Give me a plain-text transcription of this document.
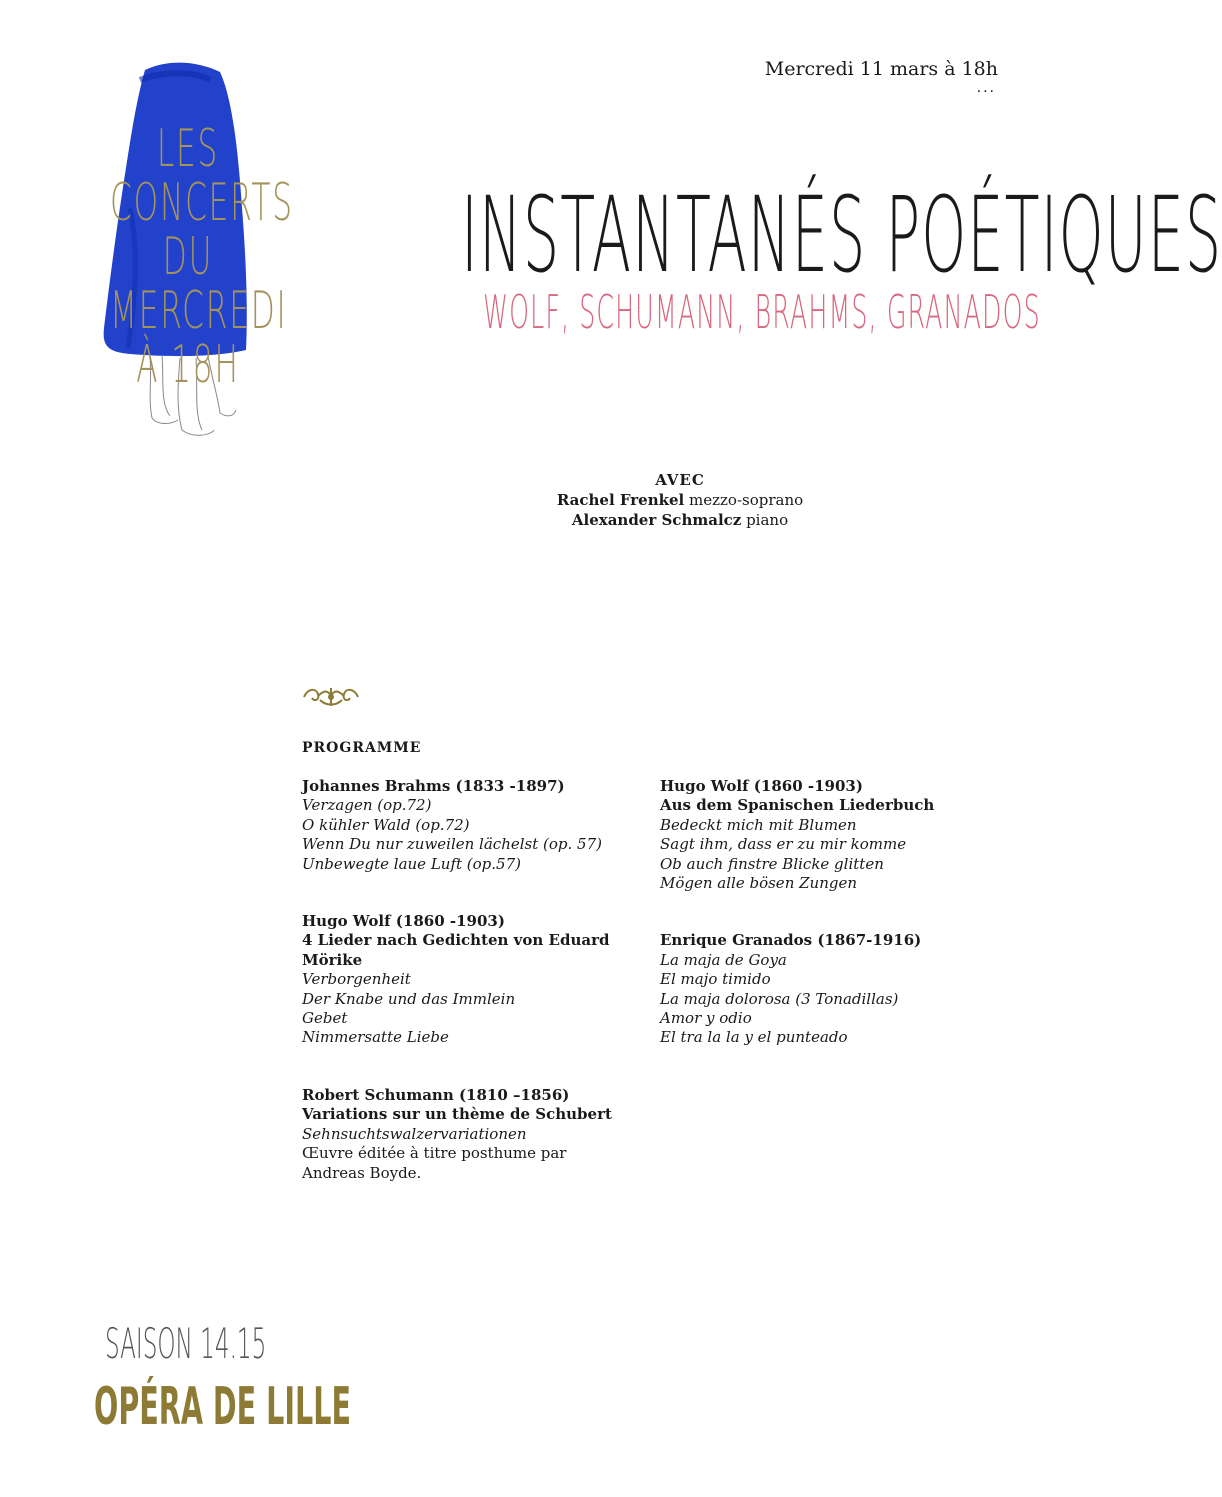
Mercredi 11 mars à 18h
...
LES CONCERTS
DU MERCREDI
À 18H
INSTANTANÉS POÉTIQUES
WOLF, SCHUMANN, BRAHMS, GRANADOS
AVEC
Rachel Frenkel mezzo-soprano
Alexander Schmalcz piano
PROGRAMME
Johannes Brahms (1833 -1897)
Verzagen (op.72)
O kühler Wald (op.72)
Wenn Du nur zuweilen lächelst (op. 57)
Unbewegte laue Luft (op.57)
Hugo Wolf (1860 -1903)
4 Lieder nach Gedichten von Eduard Mörike
Verborgenheit
Der Knabe und das Immlein
Gebet
Nimmersatte Liebe
Robert Schumann (1810 –1856)
Variations sur un thème de Schubert
Sehnsuchtswalzervariationen
Œuvre éditée à titre posthume par Andreas Boyde.
Hugo Wolf (1860 -1903)
Aus dem Spanischen Liederbuch
Bedeckt mich mit Blumen
Sagt ihm, dass er zu mir komme
Ob auch finstre Blicke glitten
Mögen alle bösen Zungen
Enrique Granados (1867-1916)
La maja de Goya
El majo timido
La maja dolorosa (3 Tonadillas)
Amor y odio
El tra la la y el punteado
SAISON 14.15
OPÉRA DE LILLE
